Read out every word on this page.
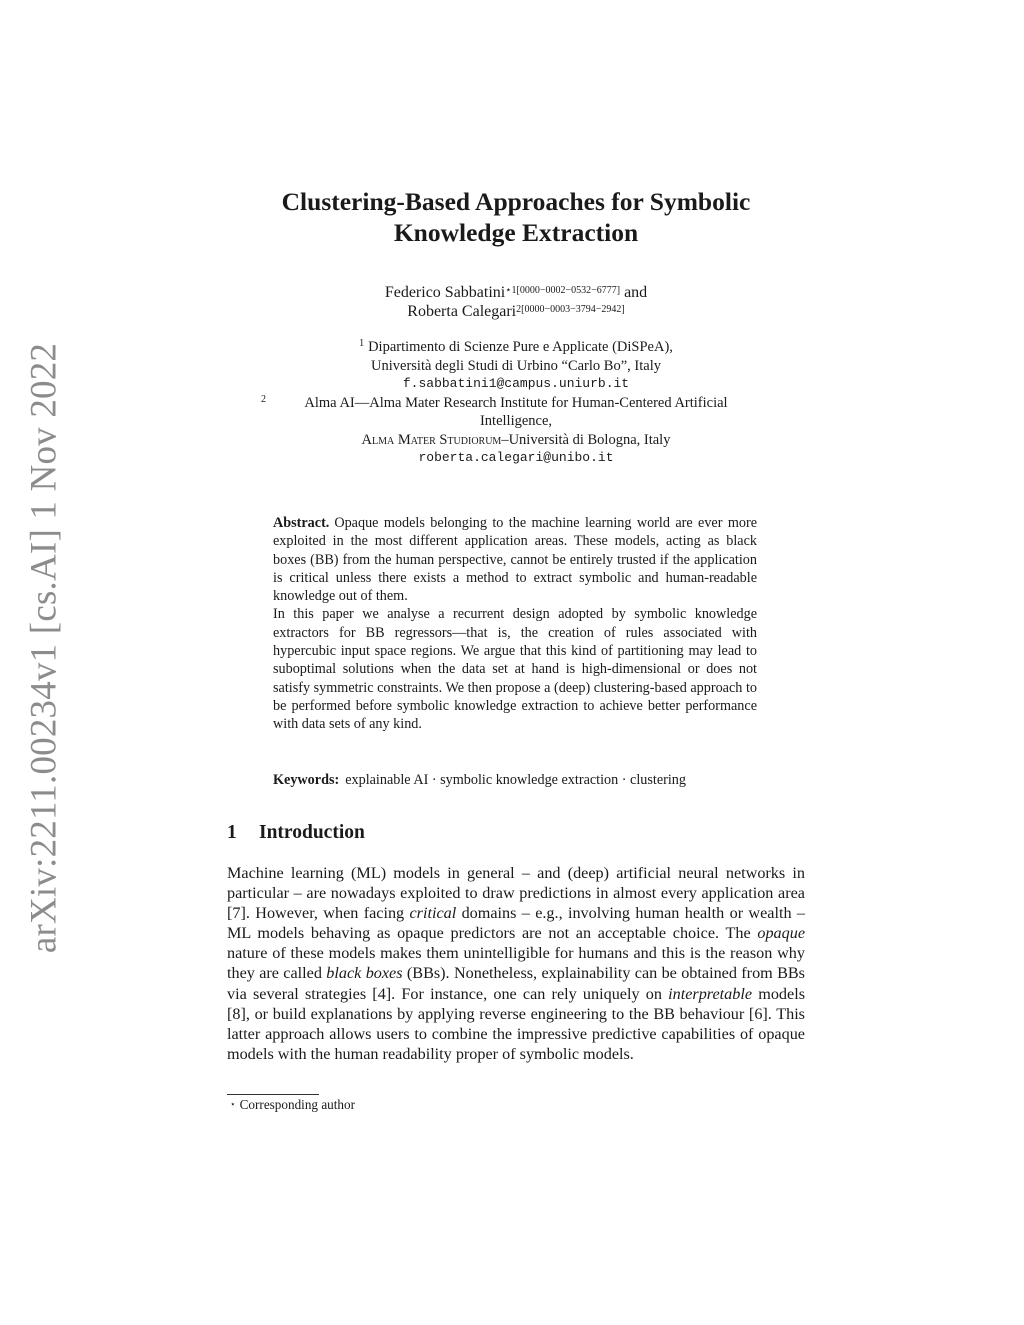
arXiv:2211.00234v1 [cs.AI] 1 Nov 2022
Clustering-Based Approaches for Symbolic
Knowledge Extraction
Federico Sabbatini$^{⋆1[0000-0002-0532-6777]}$ and
Roberta Calegari$^{2[0000-0003-3794-2942]}$
$^1$ Dipartimento di Scienze Pure e Applicate (DiSPeA),
Università degli Studi di Urbino “Carlo Bo”, Italy
f.sabbatini1@campus.uniurb.it
2	Alma AI—Alma Mater Research Institute for Human-Centered Artificial
Intelligence,
Alma Mater Studiorum–Università di Bologna, Italy
roberta.calegari@unibo.it

Abstract. Opaque models belonging to the machine learning world are ever more exploited in the most different application areas. These models, acting as black boxes (BB) from the human perspective, cannot be entirely trusted if the application is critical unless there exists a method to extract symbolic and human-readable knowledge out of them.

In this paper we analyse a recurrent design adopted by symbolic knowledge extractors for BB regressors—that is, the creation of rules associated with hypercubic input space regions. We argue that this kind of partitioning may lead to suboptimal solutions when the data set at hand is high-dimensional or does not satisfy symmetric constraints. We then propose a (deep) clustering-based approach to be performed before symbolic knowledge extraction to achieve better performance with data sets of any kind.

Keywords: explainable AI · symbolic knowledge extraction · clustering
1 Introduction

Machine learning (ML) models in general – and (deep) artificial neural networks in particular – are nowadays exploited to draw predictions in almost every application area [7]. However, when facing critical domains – e.g., involving human health or wealth – ML models behaving as opaque predictors are not an acceptable choice. The opaque nature of these models makes them unintelligible for humans and this is the reason why they are called black boxes (BBs). Nonetheless, explainability can be obtained from BBs via several strategies [4]. For instance, one can rely uniquely on interpretable models [8], or build explanations by applying reverse engineering to the BB behaviour [6]. This latter approach allows users to combine the impressive predictive capabilities of opaque models with the human readability proper of symbolic models.

⋆ Corresponding author
